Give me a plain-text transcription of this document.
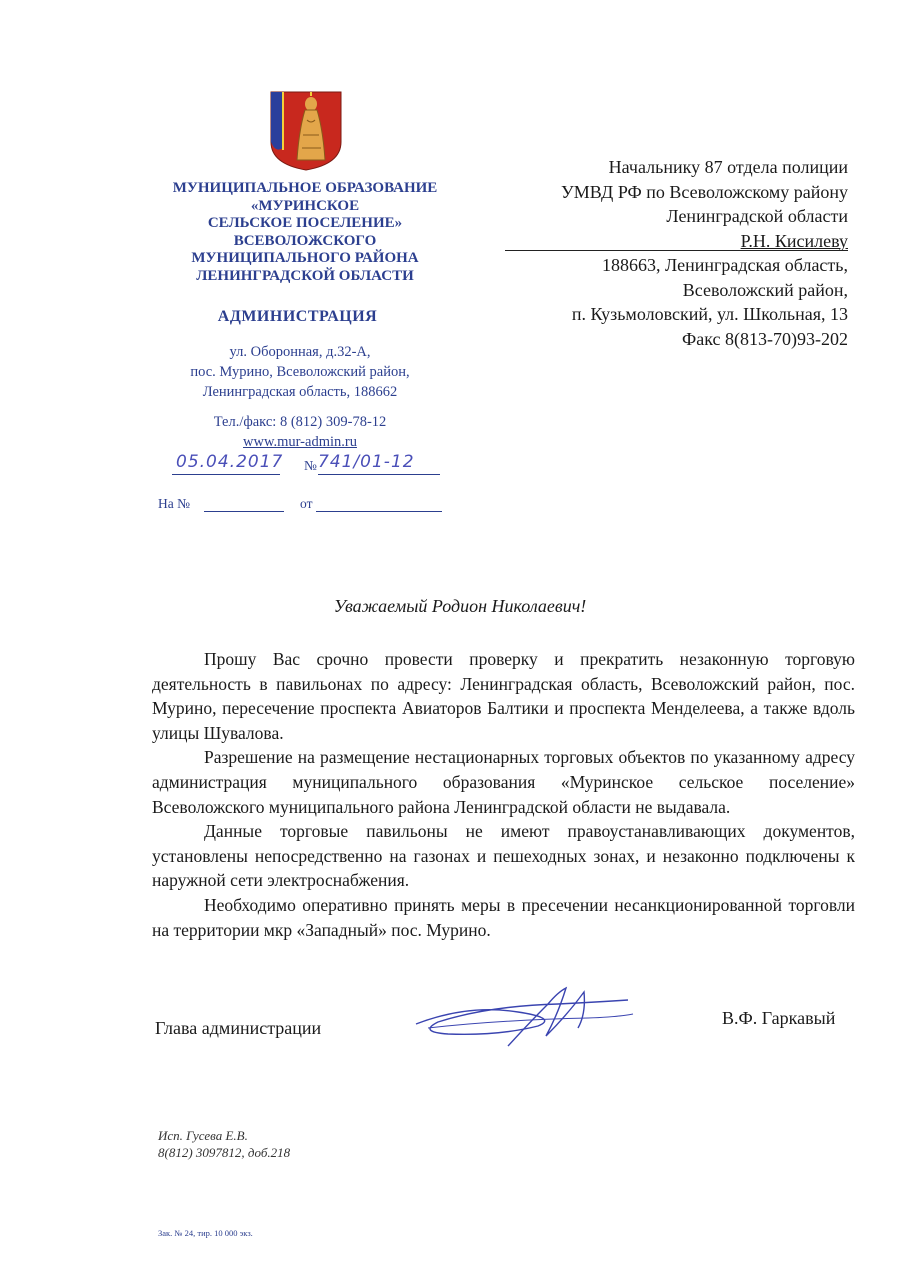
МУНИЦИПАЛЬНОЕ ОБРАЗОВАНИЕ
«МУРИНСКОЕ
СЕЛЬСКОЕ ПОСЕЛЕНИЕ»
ВСЕВОЛОЖСКОГО
МУНИЦИПАЛЬНОГО РАЙОНА
ЛЕНИНГРАДСКОЙ ОБЛАСТИ
АДМИНИСТРАЦИЯ
ул. Оборонная, д.32-А,
пос. Мурино, Всеволожский район,
Ленинградская область, 188662
Тел./факс: 8 (812) 309-78-12
www.mur-admin.ru
05.04.2017 № 741/01-12
На №	от
Начальнику 87 отдела полиции
УМВД РФ по Всеволожскому району
Ленинградской области
Р.Н. Кисилеву
188663, Ленинградская область,
Всеволожский район,
п. Кузьмоловский, ул. Школьная, 13
Факс 8(813-70)93-202
Уважаемый Родион Николаевич!

Прошу Вас срочно провести проверку и прекратить незаконную торговую деятельность в павильонах по адресу: Ленинградская область, Всеволожский район, пос. Мурино, пересечение проспекта Авиаторов Балтики и проспекта Менделеева, а также вдоль улицы Шувалова.

Разрешение на размещение нестационарных торговых объектов по указанному адресу администрация муниципального образования «Муринское сельское поселение» Всеволожского муниципального района Ленинградской области не выдавала.

Данные торговые павильоны не имеют правоустанавливающих документов, установлены непосредственно на газонах и пешеходных зонах, и незаконно подключены к наружной сети электроснабжения.

Необходимо оперативно принять меры в пресечении несанкционированной торговли на территории мкр «Западный» пос. Мурино.

Глава администрации	В.Ф. Гаркавый
Исп. Гусева Е.В.
8(812) 3097812, доб.218
Зак. № 24, тир. 10 000 экз.
